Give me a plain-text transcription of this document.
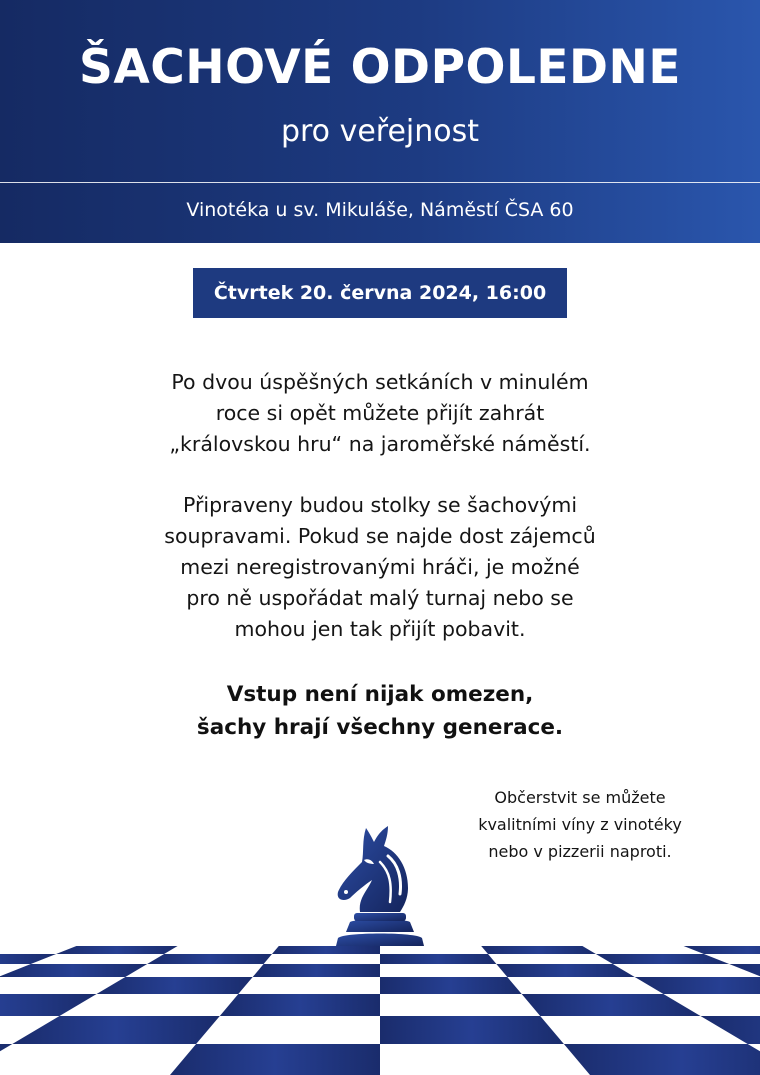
ŠACHOVÉ ODPOLEDNE
pro veřejnost
Vinotéka u sv. Mikuláše, Náměstí ČSA 60
Čtvrtek 20. června 2024, 16:00
Po dvou úspěšných setkáních v minulém
roce si opět můžete přijít zahrát
„královskou hru“ na jaroměřské náměstí.
Připraveny budou stolky se šachovými
soupravami. Pokud se najde dost zájemců
mezi neregistrovanými hráči, je možné
pro ně uspořádat malý turnaj nebo se
mohou jen tak přijít pobavit.
Vstup není nijak omezen,
šachy hrají všechny generace.
Občerstvit se můžete
kvalitními víny z vinotéky
nebo v pizzerii naproti.
